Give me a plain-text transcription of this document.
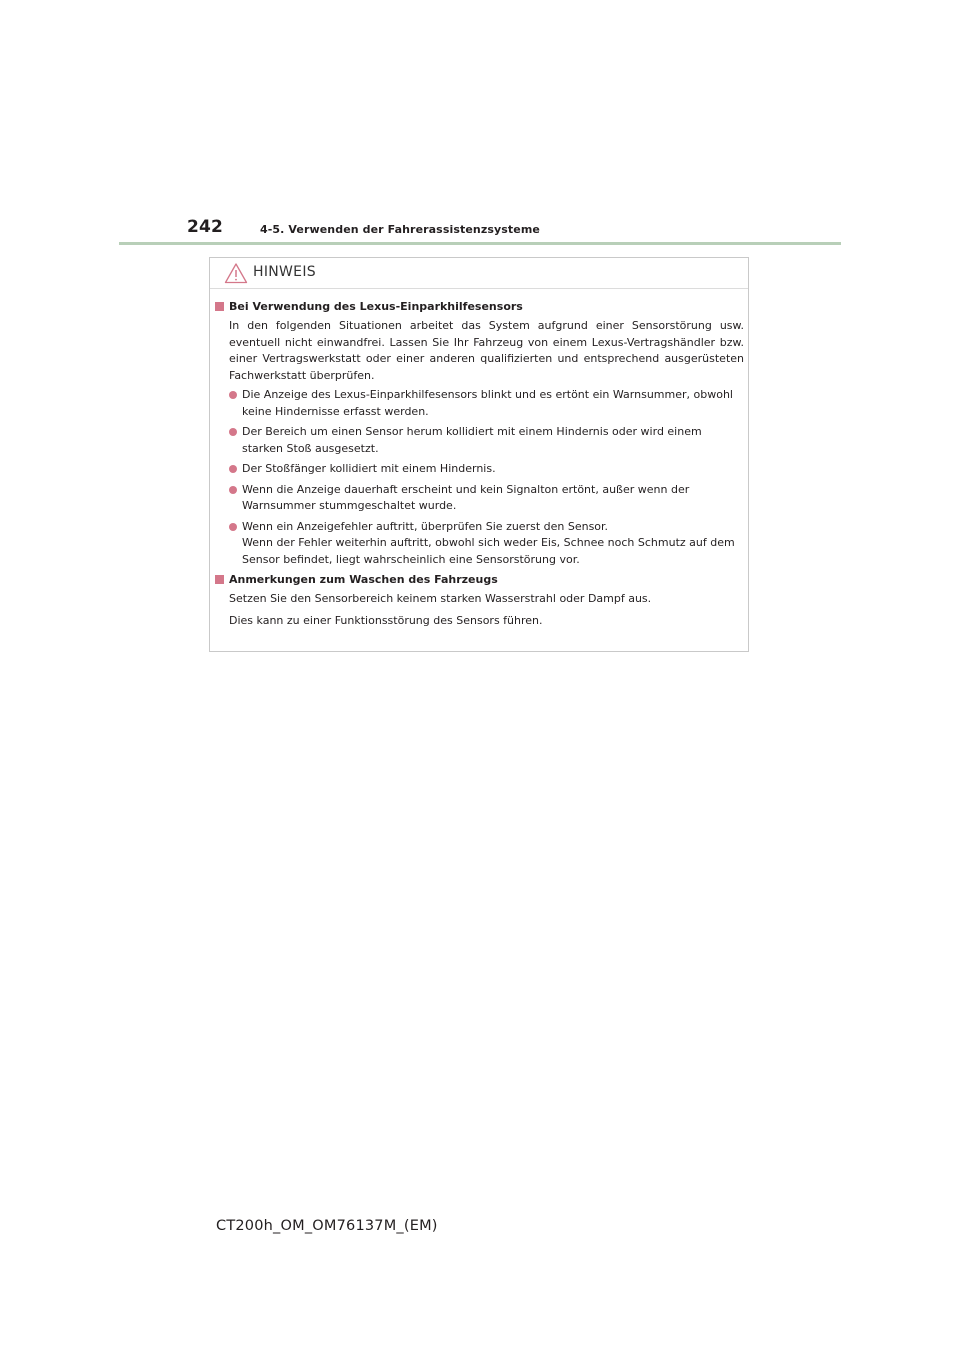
242	4-5. Verwenden der Fahrerassistenzsysteme
HINWEIS
Bei Verwendung des Lexus-Einparkhilfesensors
In den folgenden Situationen arbeitet das System aufgrund einer Sensorstörung usw. eventuell nicht einwandfrei. Lassen Sie Ihr Fahrzeug von einem Lexus-Vertragshändler bzw. einer Vertragswerkstatt oder einer anderen qualifizierten und entsprechend ausgerüsteten Fachwerkstatt überprüfen.
Die Anzeige des Lexus-Einparkhilfesensors blinkt und es ertönt ein Warnsummer, obwohl keine Hindernisse erfasst werden.
Der Bereich um einen Sensor herum kollidiert mit einem Hindernis oder wird einem starken Stoß ausgesetzt.
Der Stoßfänger kollidiert mit einem Hindernis.
Wenn die Anzeige dauerhaft erscheint und kein Signalton ertönt, außer wenn der Warnsummer stummgeschaltet wurde.
Wenn ein Anzeigefehler auftritt, überprüfen Sie zuerst den Sensor.
Wenn der Fehler weiterhin auftritt, obwohl sich weder Eis, Schnee noch Schmutz auf dem Sensor befindet, liegt wahrscheinlich eine Sensorstörung vor.
Anmerkungen zum Waschen des Fahrzeugs
Setzen Sie den Sensorbereich keinem starken Wasserstrahl oder Dampf aus.
Dies kann zu einer Funktionsstörung des Sensors führen.
CT200h_OM_OM76137M_(EM)
